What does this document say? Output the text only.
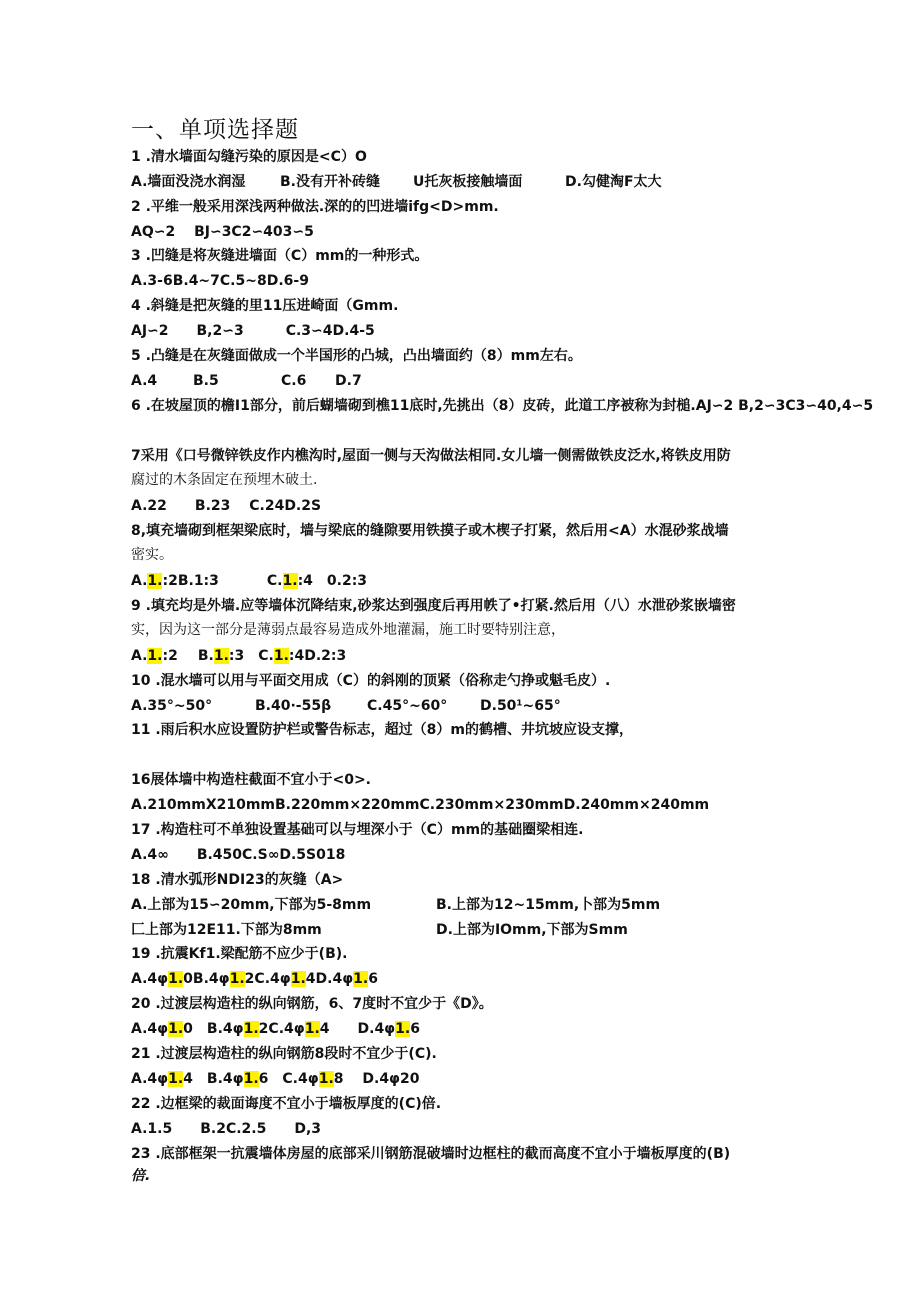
一、单项选择题
1 .清水墙面勾缝污染的原因是<C）O
A.墙面没浇水润湿 B.没有开补砖缝 U托灰板接触墙面	D.勾健淘F太大
2 .平维一般采用深浅两种做法.深的的凹进墙ifg<D>mm.
AQ∽2　 BJ∽3C2∽403∽5
3 .凹缝是将灰缝进墙面（C）mm的一种形式。
A.3-6B.4~7C.5~8D.6-9
4 .斜缝是把灰缝的里11压进崎面（Gmm.
AJ∽2　　B,2∽3　　　C.3∽4D.4-5
5 .凸缝是在灰缝面做成一个半国形的凸城，凸出墙面约（8）mm左右。
A.4	B.5	C.6 D.7
6 .在坡屋顶的檐I1部分，前后蝴墙砌到樵11底时,先挑出（8）皮砖，此道工序被称为封槌.AJ∽2 B,2∽3C3∽40,4∽5
7采用《口号微锌铁皮作内樵沟时,屋面一侧与天沟做法相同.女儿墙一侧需做铁皮泛水,将铁皮用防
腐过的木条固定在预埋木破土.
A.22　　B.23　 C.24D.2S
8,填充墙砌到框架梁底时，墙与梁底的缝隙要用铁摸子或木楔子打紧，然后用<A）水混砂浆战墙
密实。
A.1.:2B.1:3	C.1.:4 0.2:3
9 .填充均是外墙.应等墙体沉降结束,砂浆达到强度后再用帙了•打紧.然后用（八）水泄砂浆嵌墙密
实，因为这一部分是薄弱点最容易造成外地灌漏，施工时要特别注意，
A.1.:2 B.1.:3 C.1.:4D.2:3
10 .混水墙可以用与平面交用成（C）的斜刚的顶紧（俗称走勺挣或魁毛皮）.
A.35°~50°	B.40∙-55β	C.45°~60° D.50¹~65°
11 .雨后积水应设置防护栏或警告标志，超过（8）m的鹤槽、井坑坡应设支撑，
16展体墙中构造柱截面不宜小于<0>.
A.210mmX210mmB.220mm×220mmC.230mm×230mmD.240mm×240mm
17 .构造柱可不单独设置基础可以与埋深小于（C）mm的基础圈梁相连.
A.4∞　　B.450C.S∞D.5S018
18 .清水弧形NDI23的灰缝（A>
A.上部为15∽20mm,下部为5-8mm	B.上部为12~15mm,卜部为5mm
匚上部为12E11.下部为8mm	D.上部为IOmm,下部为Smm
19 .抗震Kf1.梁配筋不应少于(B).
A.4φ1.0B.4φ1.2C.4φ1.4D.4φ1.6
20 .过渡层构造柱的纵向钢筋，6、7度时不宜少于《D》。
A.4φ1.0　B.4φ1.2C.4φ1.4　　D.4φ1.6
21 .过渡层构造柱的纵向钢筋8段时不宜少于(C).
A.4φ1.4　B.4φ1.6　C.4φ1.8　 D.4φ20
22 .边框梁的裁面诲度不宜小于墙板厚度的(C)倍.
A.1.5　　B.2C.2.5　　D,3
23 .底部框架一抗震墙体房屋的底部采川钢筋混破墙时边框柱的截而高度不宜小于墙板厚度的(B)
倍.
